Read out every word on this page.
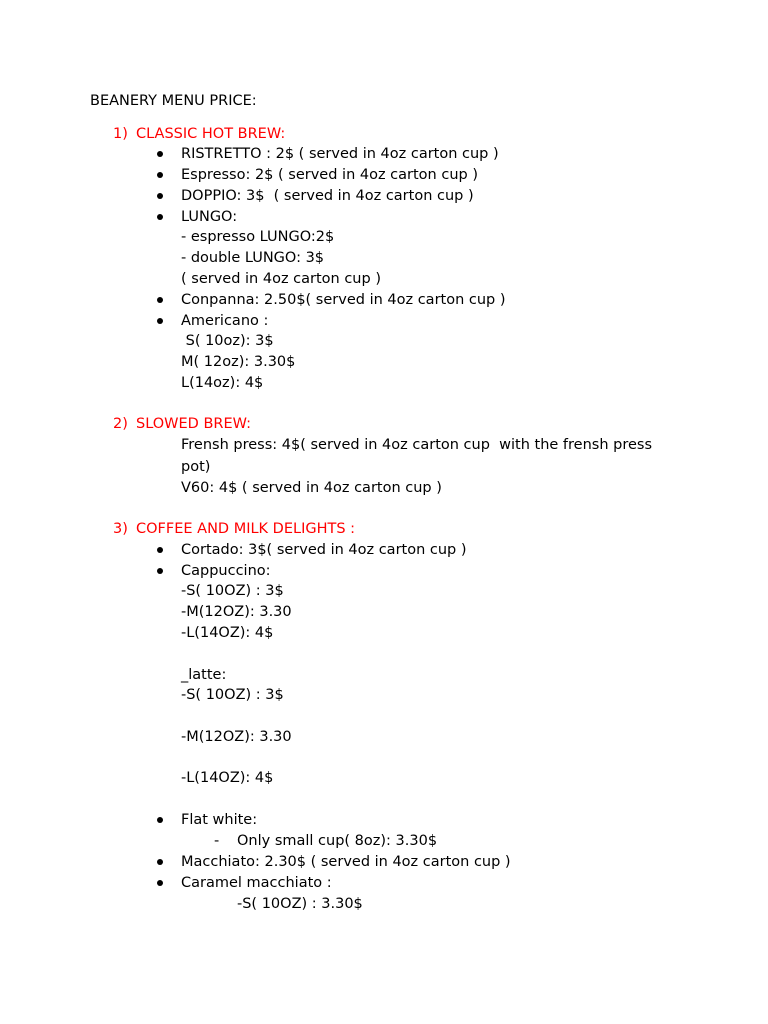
BEANERY MENU PRICE:
1) CLASSIC HOT BREW:
RISTRETTO : 2$ ( served in 4oz carton cup )
Espresso: 2$ ( served in 4oz carton cup )
DOPPIO: 3$  ( served in 4oz carton cup )
LUNGO:
- espresso LUNGO:2$
- double LUNGO: 3$
( served in 4oz carton cup )
Conpanna: 2.50$( served in 4oz carton cup )
Americano :
S( 10oz): 3$
M( 12oz): 3.30$
L(14oz): 4$
2) SLOWED BREW:
Frensh press: 4$( served in 4oz carton cup  with the frensh press
pot)
V60: 4$ ( served in 4oz carton cup )
3) COFFEE AND MILK DELIGHTS :
Cortado: 3$( served in 4oz carton cup )
Cappuccino:
-S( 10OZ) : 3$
-M(12OZ): 3.30
-L(14OZ): 4$
_latte:
-S( 10OZ) : 3$
-M(12OZ): 3.30
-L(14OZ): 4$
Flat white:
- Only small cup( 8oz): 3.30$
Macchiato: 2.30$ ( served in 4oz carton cup )
Caramel macchiato :
-S( 10OZ) : 3.30$
